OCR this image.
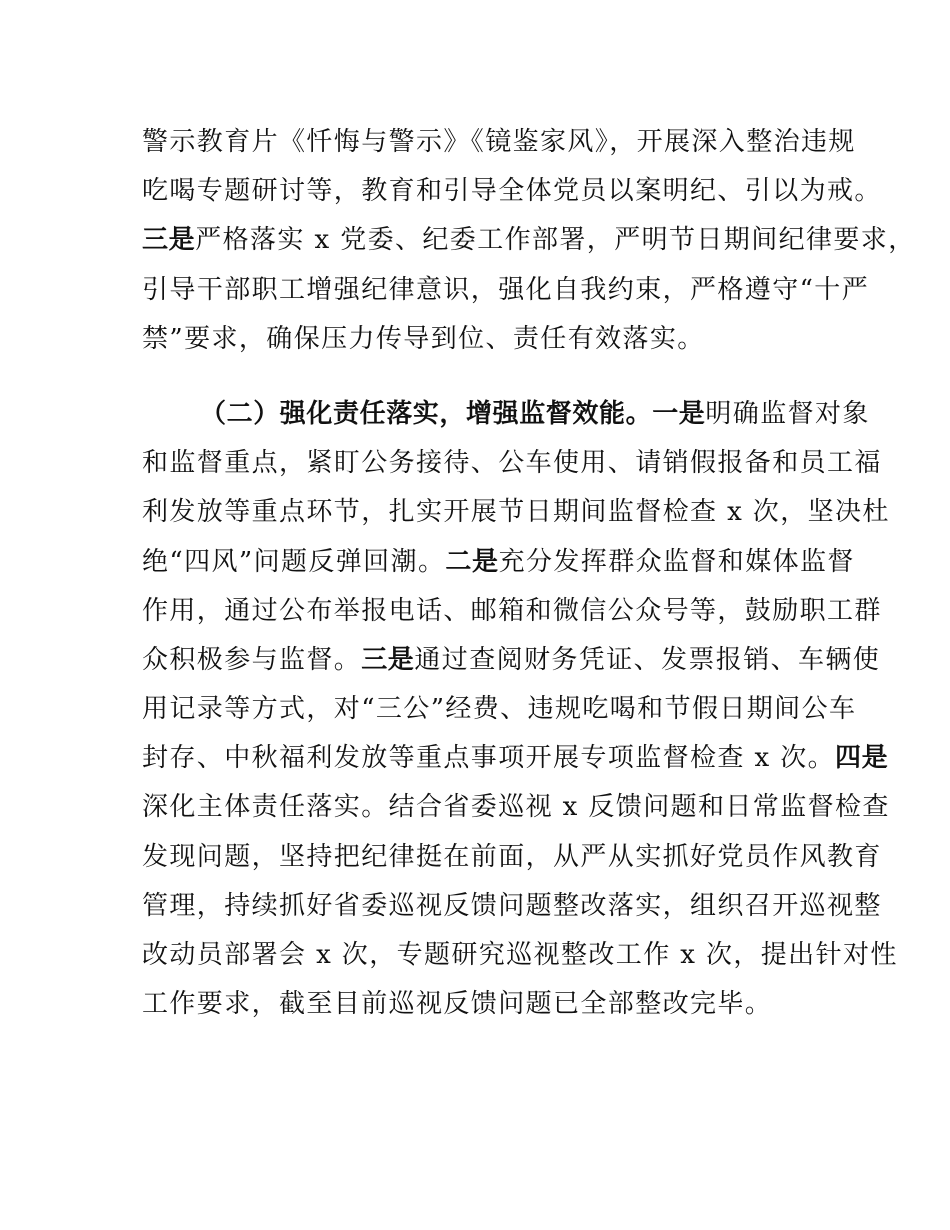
警示教育片《忏悔与警示》《镜鉴家风》，开展深入整治违规
吃喝专题研讨等，教育和引导全体党员以案明纪、引以为戒。
三是严格落实 x 党委、纪委工作部署，严明节日期间纪律要求，
引导干部职工增强纪律意识，强化自我约束，严格遵守“十严
禁”要求，确保压力传导到位、责任有效落实。
（二）强化责任落实，增强监督效能。一是明确监督对象
和监督重点，紧盯公务接待、公车使用、请销假报备和员工福
利发放等重点环节，扎实开展节日期间监督检查 x 次，坚决杜
绝“四风”问题反弹回潮。二是充分发挥群众监督和媒体监督
作用，通过公布举报电话、邮箱和微信公众号等，鼓励职工群
众积极参与监督。三是通过查阅财务凭证、发票报销、车辆使
用记录等方式，对“三公”经费、违规吃喝和节假日期间公车
封存、中秋福利发放等重点事项开展专项监督检查 x 次。四是
深化主体责任落实。结合省委巡视 x 反馈问题和日常监督检查
发现问题，坚持把纪律挺在前面，从严从实抓好党员作风教育
管理，持续抓好省委巡视反馈问题整改落实，组织召开巡视整
改动员部署会 x 次，专题研究巡视整改工作 x 次，提出针对性
工作要求，截至目前巡视反馈问题已全部整改完毕。
